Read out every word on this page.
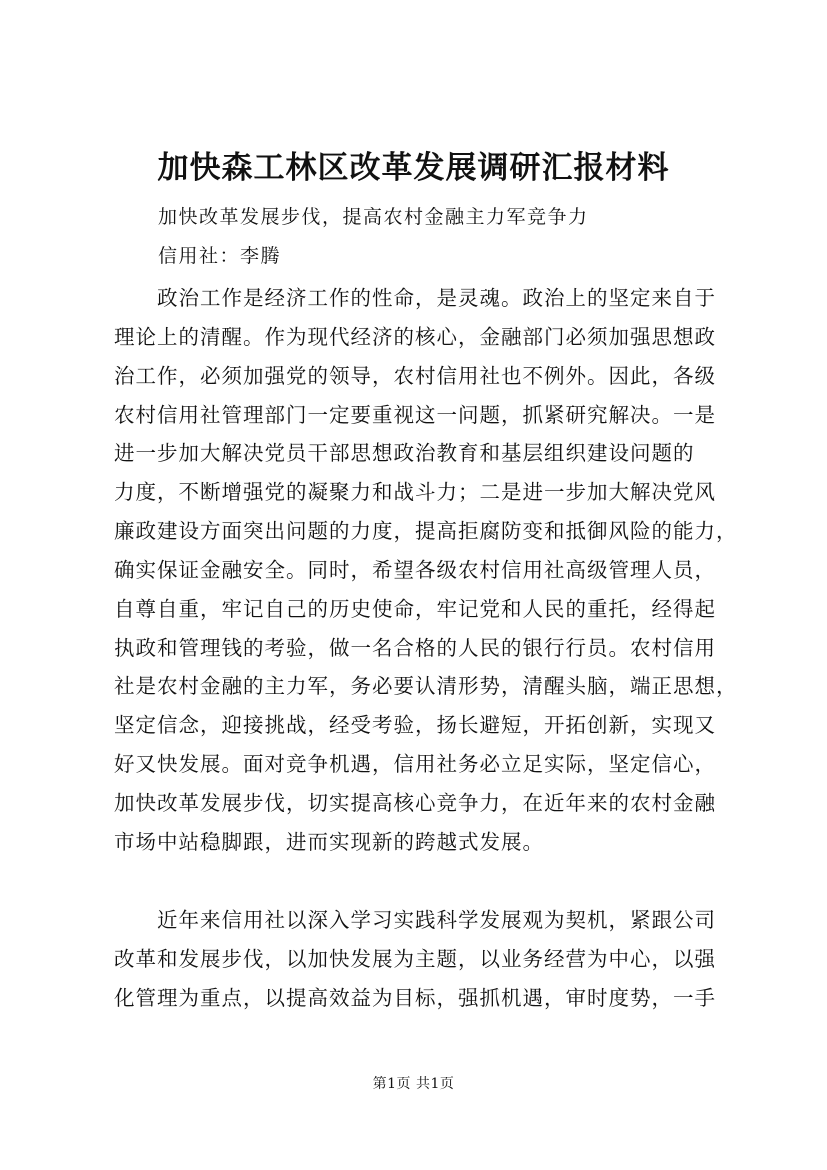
加快森工林区改革发展调研汇报材料
加快改革发展步伐，提高农村金融主力军竞争力
信用社：李腾
　　政治工作是经济工作的性命，是灵魂。政治上的坚定来自于
理论上的清醒。作为现代经济的核心，金融部门必须加强思想政
治工作，必须加强党的领导，农村信用社也不例外。因此，各级
农村信用社管理部门一定要重视这一问题，抓紧研究解决。一是
进一步加大解决党员干部思想政治教育和基层组织建设问题的
力度，不断增强党的凝聚力和战斗力；二是进一步加大解决党风
廉政建设方面突出问题的力度，提高拒腐防变和抵御风险的能力，
确实保证金融安全。同时，希望各级农村信用社高级管理人员，
自尊自重，牢记自己的历史使命，牢记党和人民的重托，经得起
执政和管理钱的考验，做一名合格的人民的银行行员。农村信用
社是农村金融的主力军，务必要认清形势，清醒头脑，端正思想，
坚定信念，迎接挑战，经受考验，扬长避短，开拓创新，实现又
好又快发展。面对竞争机遇，信用社务必立足实际，坚定信心，
加快改革发展步伐，切实提高核心竞争力，在近年来的农村金融
市场中站稳脚跟，进而实现新的跨越式发展。
　　近年来信用社以深入学习实践科学发展观为契机，紧跟公司
改革和发展步伐，以加快发展为主题，以业务经营为中心，以强
化管理为重点，以提高效益为目标，强抓机遇，审时度势，一手
第1页 共1页
